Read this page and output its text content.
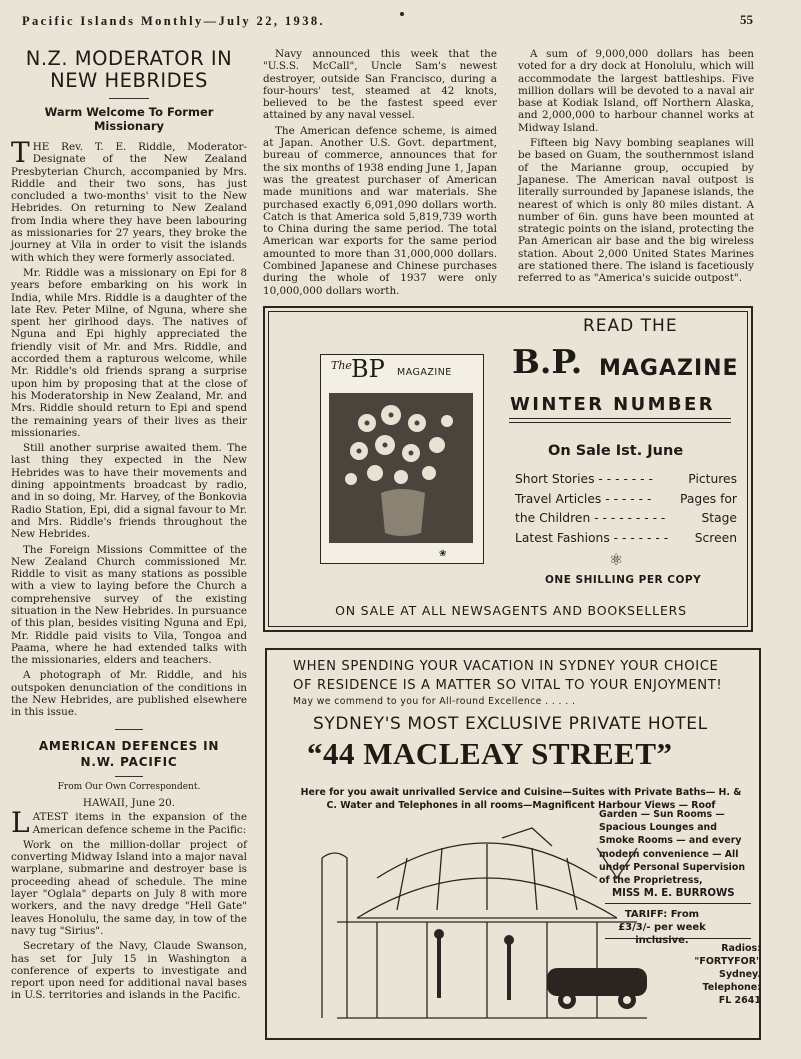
Pacific Islands Monthly—July 22, 1938.	55
N.Z. MODERATOR IN
NEW HEBRIDES
Warm Welcome To Former
Missionary

THE Rev. T. E. Riddle, Moderator-Designate of the New Zealand Presbyterian Church, accompanied by Mrs. Riddle and their two sons, has just concluded a two-months' visit to the New Hebrides. On returning to New Zealand from India where they have been labouring as missionaries for 27 years, they broke the journey at Vila in order to visit the islands with which they were formerly associated.

Mr. Riddle was a missionary on Epi for 8 years before embarking on his work in India, while Mrs. Riddle is a daughter of the late Rev. Peter Milne, of Nguna, where she spent her girlhood days. The natives of Nguna and Epi highly appreciated the friendly visit of Mr. and Mrs. Riddle, and accorded them a rapturous welcome, while Mr. Riddle's old friends sprang a surprise upon him by proposing that at the close of his Moderatorship in New Zealand, Mr. and Mrs. Riddle should return to Epi and spend the remaining years of their lives as their missionaries.

Still another surprise awaited them. The last thing they expected in the New Hebrides was to have their movements and dining appointments broadcast by radio, and in so doing, Mr. Harvey, of the Bonkovia Radio Station, Epi, did a signal favour to Mr. and Mrs. Riddle's friends throughout the New Hebrides.

The Foreign Missions Committee of the New Zealand Church commissioned Mr. Riddle to visit as many stations as possible with a view to laying before the Church a comprehensive survey of the existing situation in the New Hebrides. In pursuance of this plan, besides visiting Nguna and Epi, Mr. Riddle paid visits to Vila, Tongoa and Paama, where he had extended talks with the missionaries, elders and teachers.

A photograph of Mr. Riddle, and his outspoken denunciation of the conditions in the New Hebrides, are published elsewhere in this issue.

AMERICAN DEFENCES IN
N.W. PACIFIC
From Our Own Correspondent.
HAWAII, June 20.

LATEST items in the expansion of the American defence scheme in the Pacific:

Work on the million-dollar project of converting Midway Island into a major naval warplane, submarine and destroyer base is proceeding ahead of schedule. The mine layer "Oglala" departs on July 8 with more workers, and the navy dredge "Hell Gate" leaves Honolulu, the same day, in tow of the navy tug "Sirius".

Secretary of the Navy, Claude Swanson, has set for July 15 in Washington a conference of experts to investigate and report upon need for additional naval bases in U.S. territories and islands in the Pacific.

Navy announced this week that the "U.S.S. McCall", Uncle Sam's newest destroyer, outside San Francisco, during a four-hours' test, steamed at 42 knots, believed to be the fastest speed ever attained by any naval vessel.

The American defence scheme, is aimed at Japan. Another U.S. Govt. department, bureau of commerce, announces that for the six months of 1938 ending June 1, Japan was the greatest purchaser of American made munitions and war materials. She purchased exactly 6,091,090 dollars worth. Catch is that America sold 5,819,739 worth to China during the same period. The total American war exports for the same period amounted to more than 31,000,000 dollars. Combined Japanese and Chinese purchases during the whole of 1937 were only 10,000,000 dollars worth.

A sum of 9,000,000 dollars has been voted for a dry dock at Honolulu, which will accommodate the largest battleships. Five million dollars will be devoted to a naval air base at Kodiak Island, off Northern Alaska, and 2,000,000 to harbour channel works at Midway Island.

Fifteen big Navy bombing seaplanes will be based on Guam, the southernmost island of the Marianne group, occupied by Japanese. The American naval outpost is literally surrounded by Japanese islands, the nearest of which is only 80 miles distant. A number of 6in. guns have been mounted at strategic points on the island, protecting the Pan American air base and the big wireless station. About 2,000 United States Marines are stationed there. The island is facetiously referred to as "America's suicide outpost".

READ THE
B.P. MAGAZINE
WINTER NUMBER
On Sale Ist. June
Short Stories - - - - - - -	Pictures
Travel Articles - - - - - - Pages for
the Children - - - - - - - - -	Stage
Latest Fashions - - - - - - - Screen
⚛
ONE SHILLING PER COPY
ON SALE AT ALL NEWSAGENTS AND BOOKSELLERS
The BP MAGAZINE
❀
WHEN SPENDING YOUR VACATION IN SYDNEY YOUR CHOICE
OF RESIDENCE IS A MATTER SO VITAL TO YOUR ENJOYMENT!
May we commend to you for All-round Excellence . . . . .
SYDNEY'S MOST EXCLUSIVE PRIVATE HOTEL
“44 MACLEAY STREET”
Here for you await unrivalled Service and Cuisine—Suites with Private Baths— H. & C. Water and Telephones in all rooms—Magnificent Harbour Views — Roof
Garden — Sun Rooms — Spacious Lounges and Smoke Rooms — and every modern convenience — All under Personal Supervision of the Proprietress,
MISS M. E. BURROWS
TARIFF: From £3/3/- per week inclusive.
Radios:
"FORTYFOR"
Sydney.
Telephone:
FL 2641
